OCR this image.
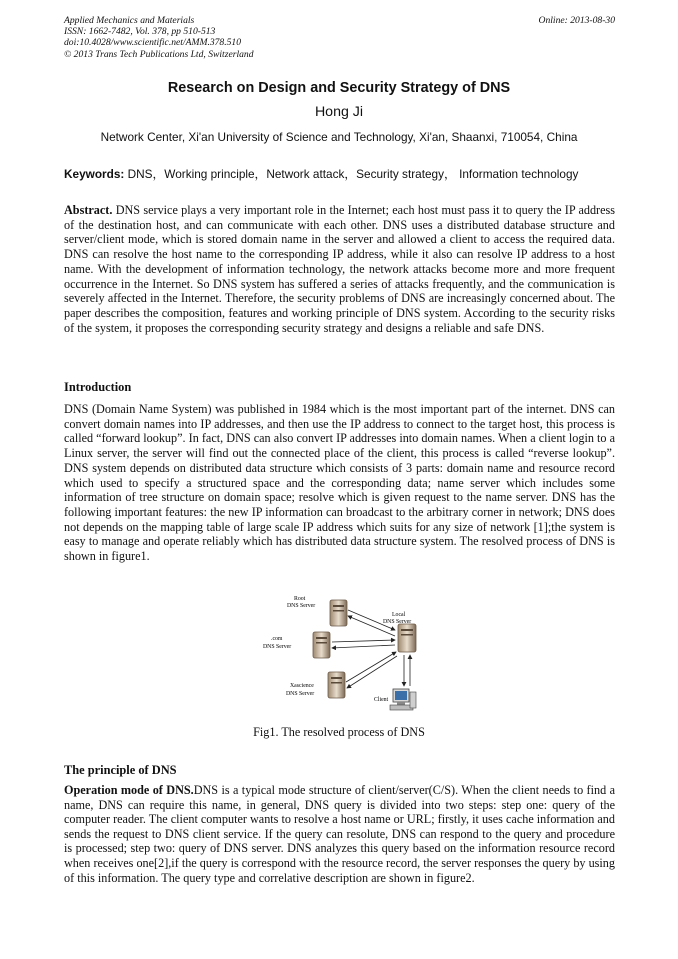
Applied Mechanics and Materials
ISSN: 1662-7482, Vol. 378, pp 510-513
doi:10.4028/www.scientific.net/AMM.378.510
© 2013 Trans Tech Publications Ltd, Switzerland
Online: 2013-08-30
Research on Design and Security Strategy of DNS
Hong Ji
Network Center, Xi'an University of Science and Technology, Xi'an, Shaanxi, 710054, China
Keywords: DNS，Working principle，Network attack，Security strategy， Information technology
Abstract. DNS service plays a very important role in the Internet; each host must pass it to query the IP address of the destination host, and can communicate with each other. DNS uses a distributed database structure and server/client mode, which is stored domain name in the server and allowed a client to access the required data. DNS can resolve the host name to the corresponding IP address, while it also can resolve IP address to a host name. With the development of information technology, the network attacks become more and more frequent occurrence in the Internet. So DNS system has suffered a series of attacks frequently, and the communication is severely affected in the Internet. Therefore, the security problems of DNS are increasingly concerned about. The paper describes the composition, features and working principle of DNS system. According to the security risks of the system, it proposes the corresponding security strategy and designs a reliable and safe DNS.
Introduction
DNS (Domain Name System) was published in 1984 which is the most important part of the internet. DNS can convert domain names into IP addresses, and then use the IP address to connect to the target host, this process is called “forward lookup”. In fact, DNS can also convert IP addresses into domain names. When a client login to a Linux server, the server will find out the connected place of the client, this process is called “reverse lookup”. DNS system depends on distributed data structure which consists of 3 parts: domain name and resource record which used to specify a structured space and the corresponding data; name server which includes some information of tree structure on domain space; resolve which is given request to the name server. DNS has the following important features: the new IP information can broadcast to the arbitrary corner in network; DNS does not depends on the mapping table of large scale IP address which suits for any size of network [1];the system is easy to manage and operate reliably which has distributed data structure system. The resolved process of DNS is shown in figure1.
Root
DNS Server
Local
DNS Server
.com
DNS Server
Xascience
DNS Server
Client
Fig1. The resolved process of DNS
The principle of DNS
Operation mode of DNS.DNS is a typical mode structure of client/server(C/S). When the client needs to find a name, DNS can require this name, in general, DNS query is divided into two steps: step one: query of the computer reader. The client computer wants to resolve a host name or URL; firstly, it uses cache information and sends the request to DNS client service. If the query can resolute, DNS can respond to the query and procedure is processed; step two: query of DNS server. DNS analyzes this query based on the information resource record when receives one[2],if the query is correspond with the resource record, the server responses the query by using of this information. The query type and correlative description are shown in figure2.
